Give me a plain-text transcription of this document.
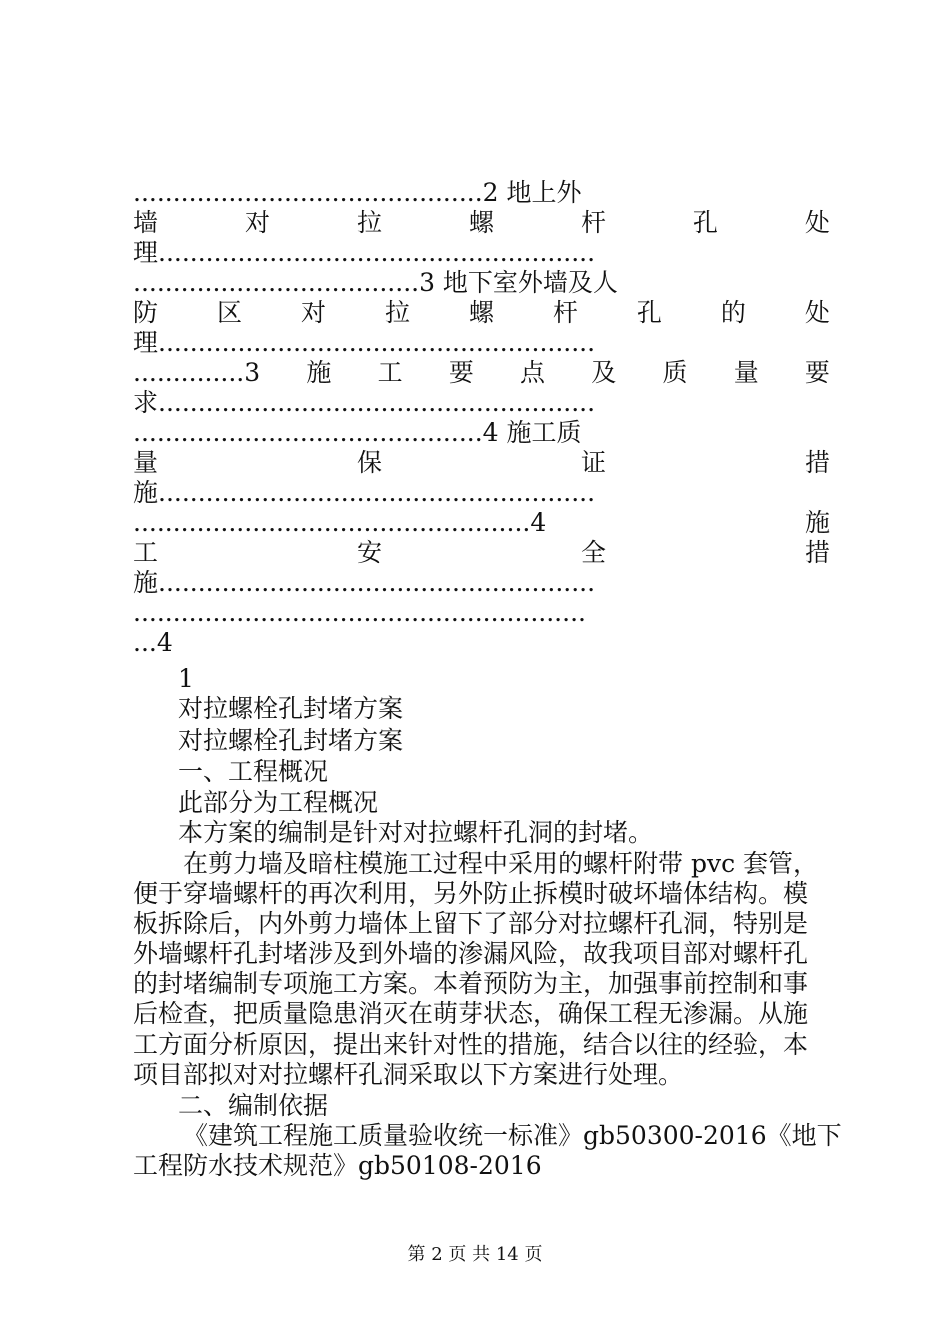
............................................2 地上外
墙	对	拉	螺	杆	孔	处
理.......................................................
....................................3 地下室外墙及人
防 区 对 拉 螺 杆 孔 的 处
理.......................................................
..............3 施 工 要 点 及 质 量 要
求.......................................................
............................................4 施工质
量	保	证	措
施.......................................................
..................................................4	施
工	安	全	措
施.......................................................
.........................................................
...4
1
对拉螺栓孔封堵方案
对拉螺栓孔封堵方案
一、工程概况
此部分为工程概况
本方案的编制是针对对拉螺杆孔洞的封堵。
在剪力墙及暗柱模施工过程中采用的螺杆附带 pvc 套管，
便于穿墙螺杆的再次利用，另外防止拆模时破坏墙体结构。模
板拆除后，内外剪力墙体上留下了部分对拉螺杆孔洞，特别是
外墙螺杆孔封堵涉及到外墙的渗漏风险，故我项目部对螺杆孔
的封堵编制专项施工方案。本着预防为主，加强事前控制和事
后检查，把质量隐患消灭在萌芽状态，确保工程无渗漏。从施
工方面分析原因，提出来针对性的措施，结合以往的经验，本
项目部拟对对拉螺杆孔洞采取以下方案进行处理。
二、编制依据
《建筑工程施工质量验收统一标准》gb50300-2016《地下
工程防水技术规范》gb50108-2016
第 2 页 共 14 页
